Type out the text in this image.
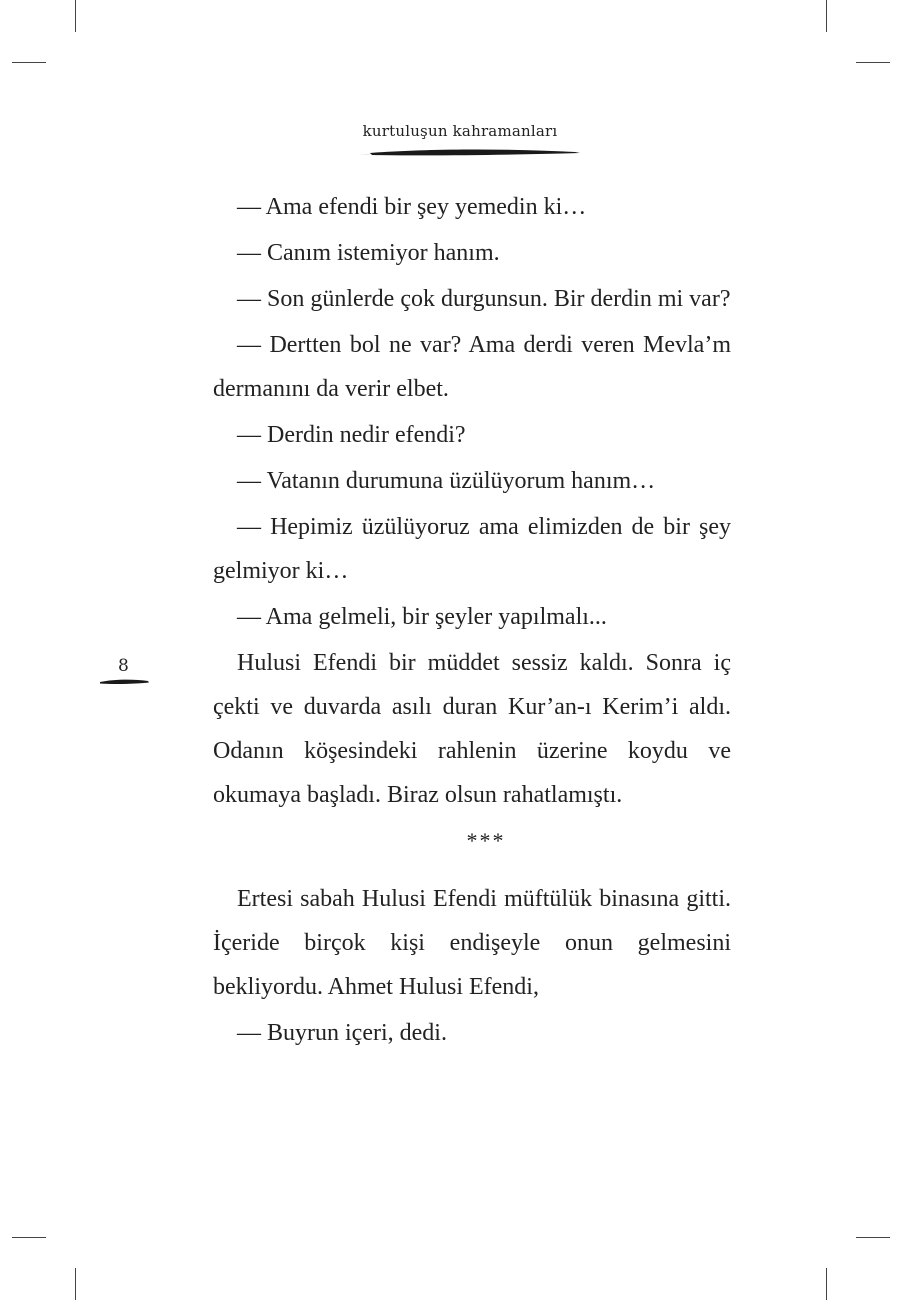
kurtuluşun kahramanları
8

— Ama efendi bir şey yemedin ki…

— Canım istemiyor hanım.

— Son günlerde çok durgunsun. Bir derdin mi var?

— Dertten bol ne var? Ama derdi veren Mevla’m dermanını da verir elbet.

— Derdin nedir efendi?

— Vatanın durumuna üzülüyorum hanım…

— Hepimiz üzülüyoruz ama elimizden de bir şey gelmiyor ki…

— Ama gelmeli, bir şeyler yapılmalı...

Hulusi Efendi bir müddet sessiz kaldı. Sonra iç çekti ve duvarda asılı duran Kur’an-ı Kerim’i aldı. Odanın köşesindeki rahlenin üzerine koydu ve okumaya başladı. Biraz olsun rahatlamıştı.

***

Ertesi sabah Hulusi Efendi müftülük binasına gitti. İçeride birçok kişi endişeyle onun gelmesini bekliyordu. Ahmet Hulusi Efendi,

— Buyrun içeri, dedi.
